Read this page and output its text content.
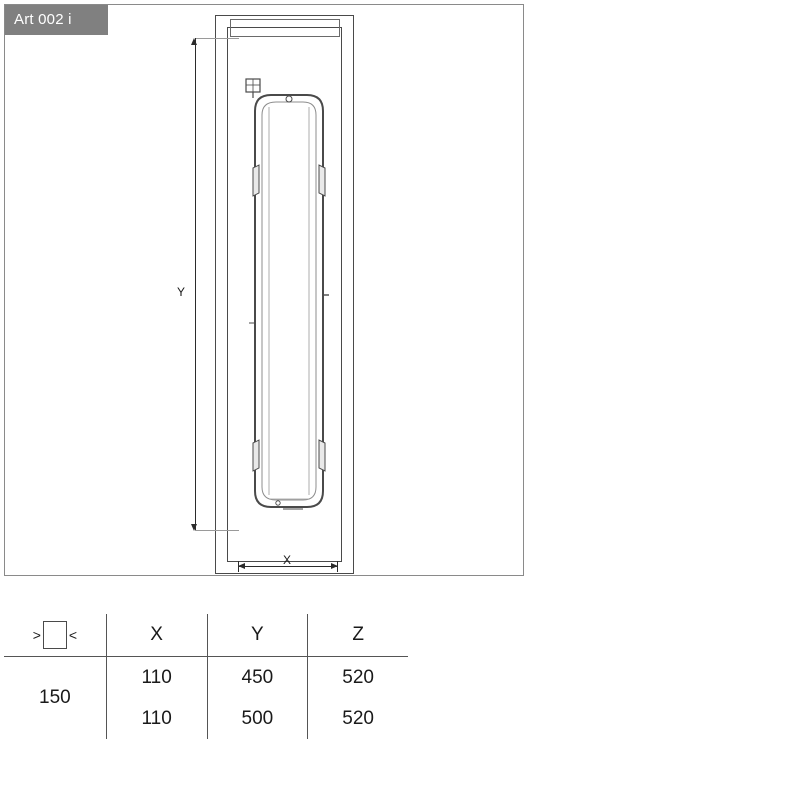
Y
X
Art 002 i
> <	X	Y	Z
150	110	450	520
	110	500	520
